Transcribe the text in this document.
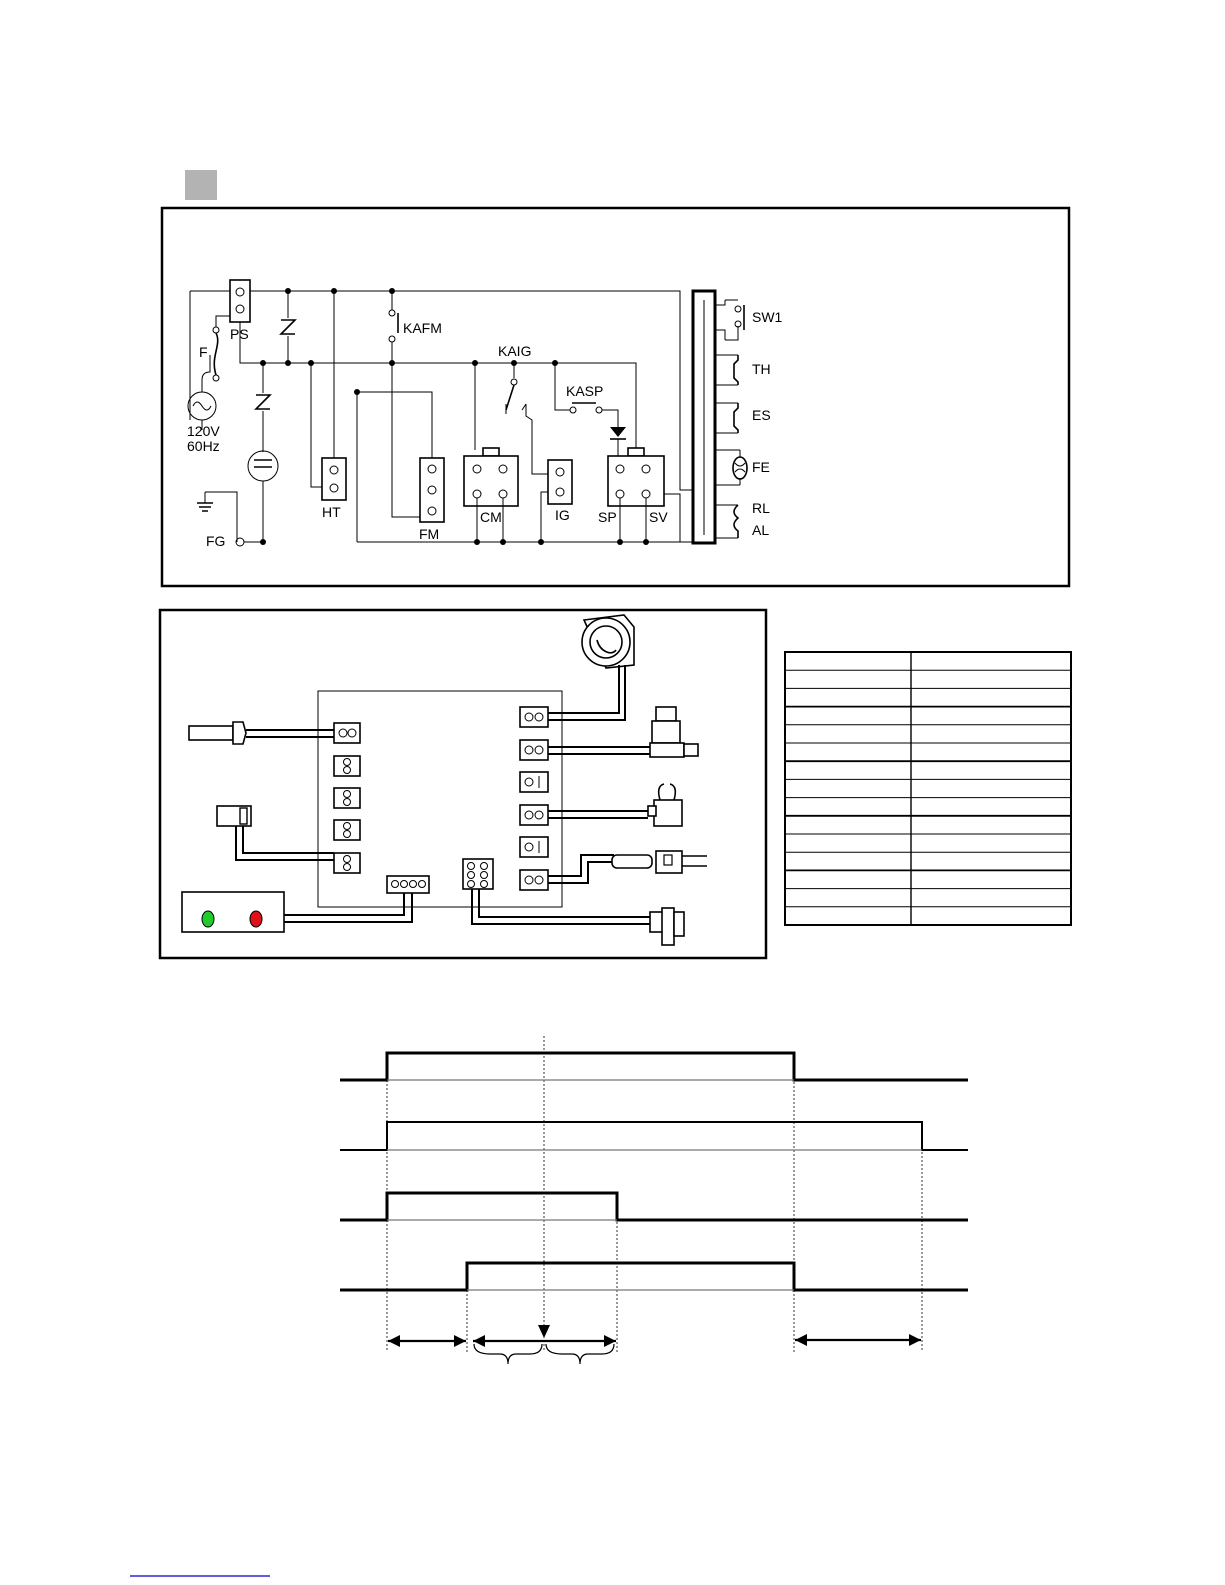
PS
F
120V
60Hz
FG
HT
KAFM
FM
CM
KAIG
IG
KASP
SP SV
SW1
TH
ES
FE
RL
AL
